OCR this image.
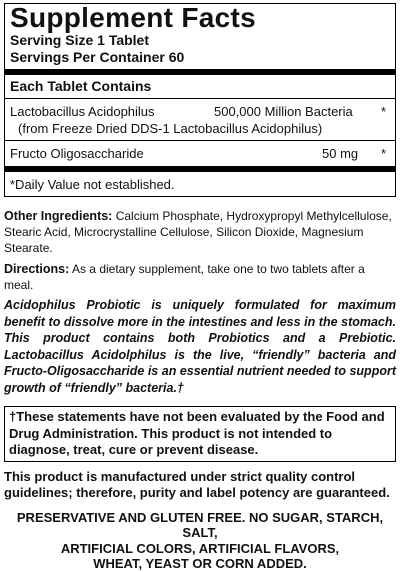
Supplement Facts
Serving Size 1 Tablet
Servings Per Container 60
Each Tablet Contains
Lactobacillus Acidophilus	500,000 Million Bacteria *
(from Freeze Dried DDS-1 Lactobacillus Acidophilus)
Fructo Oligosaccharide	50 mg *
*Daily Value not established.
Other Ingredients: Calcium Phosphate, Hydroxypropyl Methylcellulose, Stearic Acid, Microcrystalline Cellulose, Silicon Dioxide, Magnesium Stearate.
Directions: As a dietary supplement, take one to two tablets after a meal.
Acidophilus Probiotic is uniquely formulated for maximum benefit to dissolve more in the intestines and less in the stomach. This product contains both Probiotics and a Prebiotic. Lactobacillus Acidolphilus is the live, “friendly” bacteria and Fructo-Oligosaccharide is an essential nutrient needed to support growth of “friendly” bacteria.†
†These statements have not been evaluated by the Food and Drug Administration. This product is not intended to diagnose, treat, cure or prevent disease.
This product is manufactured under strict quality control guidelines; therefore, purity and label potency are guaranteed.
PRESERVATIVE AND GLUTEN FREE. NO SUGAR, STARCH, SALT,
ARTIFICIAL COLORS, ARTIFICIAL FLAVORS,
WHEAT, YEAST OR CORN ADDED.
